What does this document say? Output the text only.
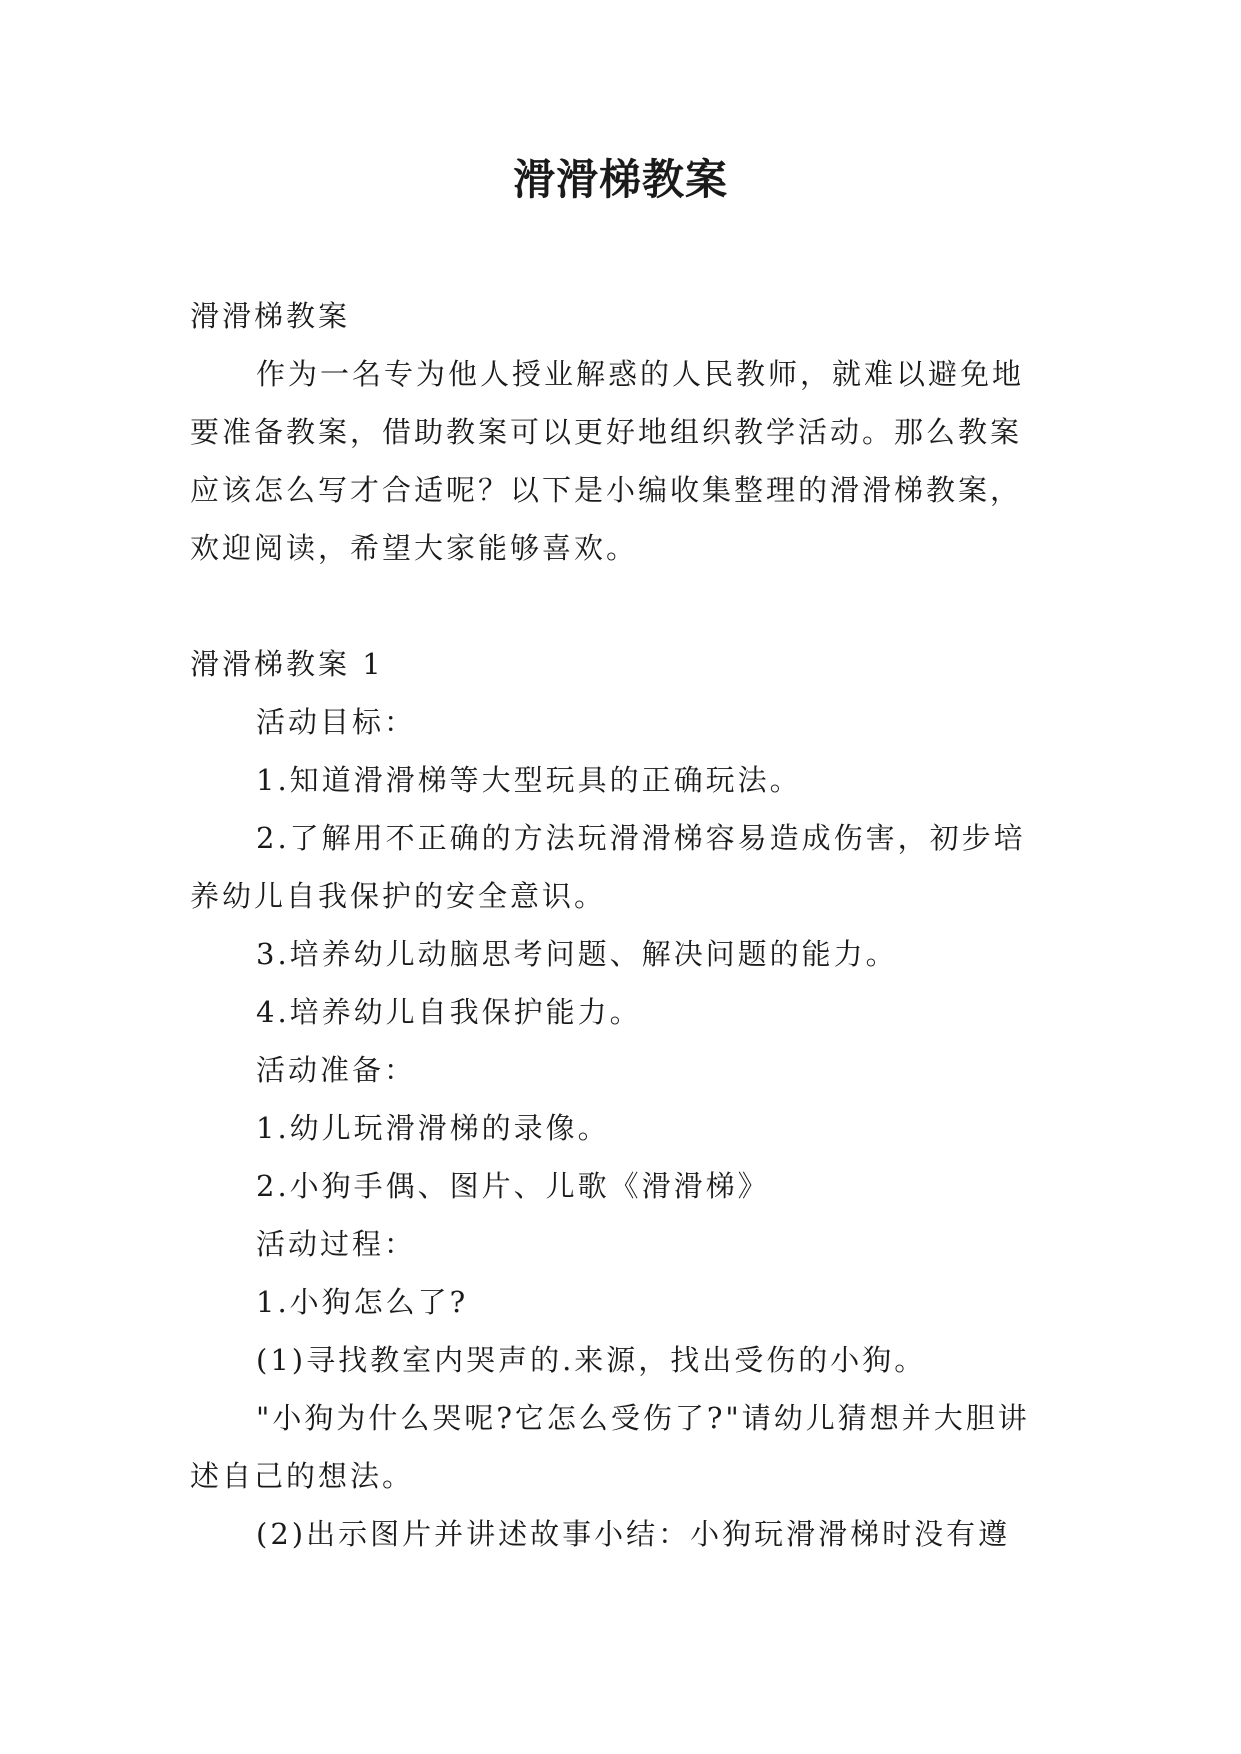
滑滑梯教案

滑滑梯教案

作为一名专为他人授业解惑的人民教师，就难以避免地

要准备教案，借助教案可以更好地组织教学活动。那么教案

应该怎么写才合适呢？以下是小编收集整理的滑滑梯教案，

欢迎阅读，希望大家能够喜欢。

滑滑梯教案 1

活动目标：

1.知道滑滑梯等大型玩具的正确玩法。

2.了解用不正确的方法玩滑滑梯容易造成伤害，初步培

养幼儿自我保护的安全意识。

3.培养幼儿动脑思考问题、解决问题的能力。

4.培养幼儿自我保护能力。

活动准备：

1.幼儿玩滑滑梯的录像。

2.小狗手偶、图片、儿歌《滑滑梯》

活动过程：

1.小狗怎么了?

(1)寻找教室内哭声的.来源，找出受伤的小狗。

"小狗为什么哭呢?它怎么受伤了?"请幼儿猜想并大胆讲

述自己的想法。

(2)出示图片并讲述故事小结：小狗玩滑滑梯时没有遵
